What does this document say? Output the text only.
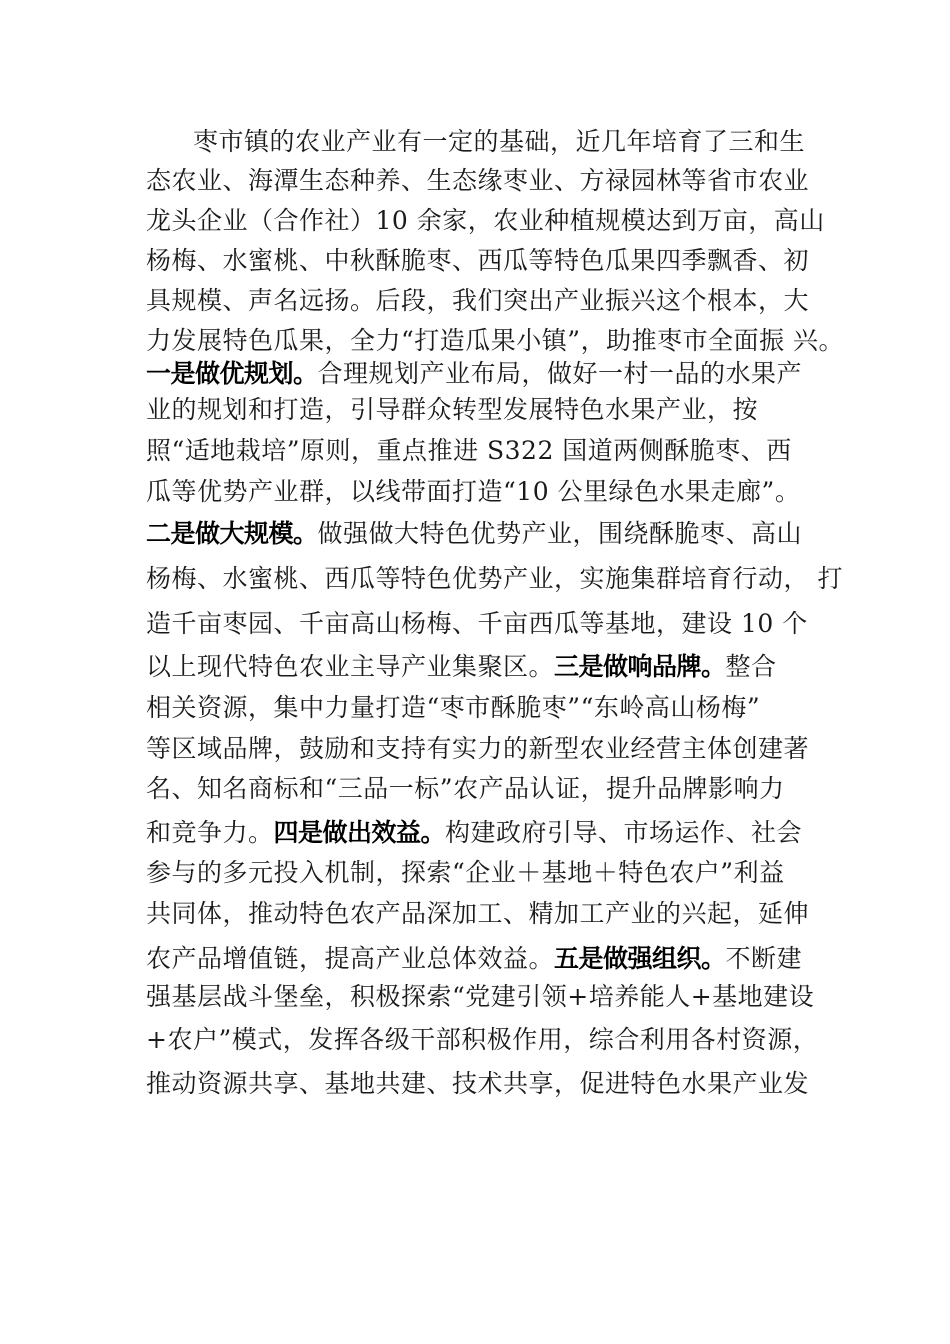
枣市镇的农业产业有一定的基础，近几年培育了三和生
态农业、海潭生态种养、生态缘枣业、方禄园林等省市农业
龙头企业（合作社）10 余家，农业种植规模达到万亩，高山
杨梅、水蜜桃、中秋酥脆枣、西瓜等特色瓜果四季飘香、初
具规模、声名远扬。后段，我们突出产业振兴这个根本，大
力发展特色瓜果，全力“打造瓜果小镇”，助推枣市全面振 兴。
一是做优规划。合理规划产业布局，做好一村一品的水果产
业的规划和打造，引导群众转型发展特色水果产业，按
照“适地栽培”原则，重点推进 S322 国道两侧酥脆枣、西
瓜等优势产业群，以线带面打造“10 公里绿色水果走廊”。
二是做大规模。做强做大特色优势产业，围绕酥脆枣、高山
杨梅、水蜜桃、西瓜等特色优势产业，实施集群培育行动， 打
造千亩枣园、千亩高山杨梅、千亩西瓜等基地，建设 10 个
以上现代特色农业主导产业集聚区。三是做响品牌。整合
相关资源，集中力量打造“枣市酥脆枣”“东岭高山杨梅”
等区域品牌，鼓励和支持有实力的新型农业经营主体创建著
名、知名商标和“三品一标”农产品认证，提升品牌影响力
和竞争力。四是做出效益。构建政府引导、市场运作、社会
参与的多元投入机制，探索“企业＋基地＋特色农户”利益
共同体，推动特色农产品深加工、精加工产业的兴起，延伸
农产品增值链，提高产业总体效益。五是做强组织。不断建
强基层战斗堡垒，积极探索“党建引领+培养能人+基地建设
+农户”模式，发挥各级干部积极作用，综合利用各村资源，
推动资源共享、基地共建、技术共享，促进特色水果产业发
